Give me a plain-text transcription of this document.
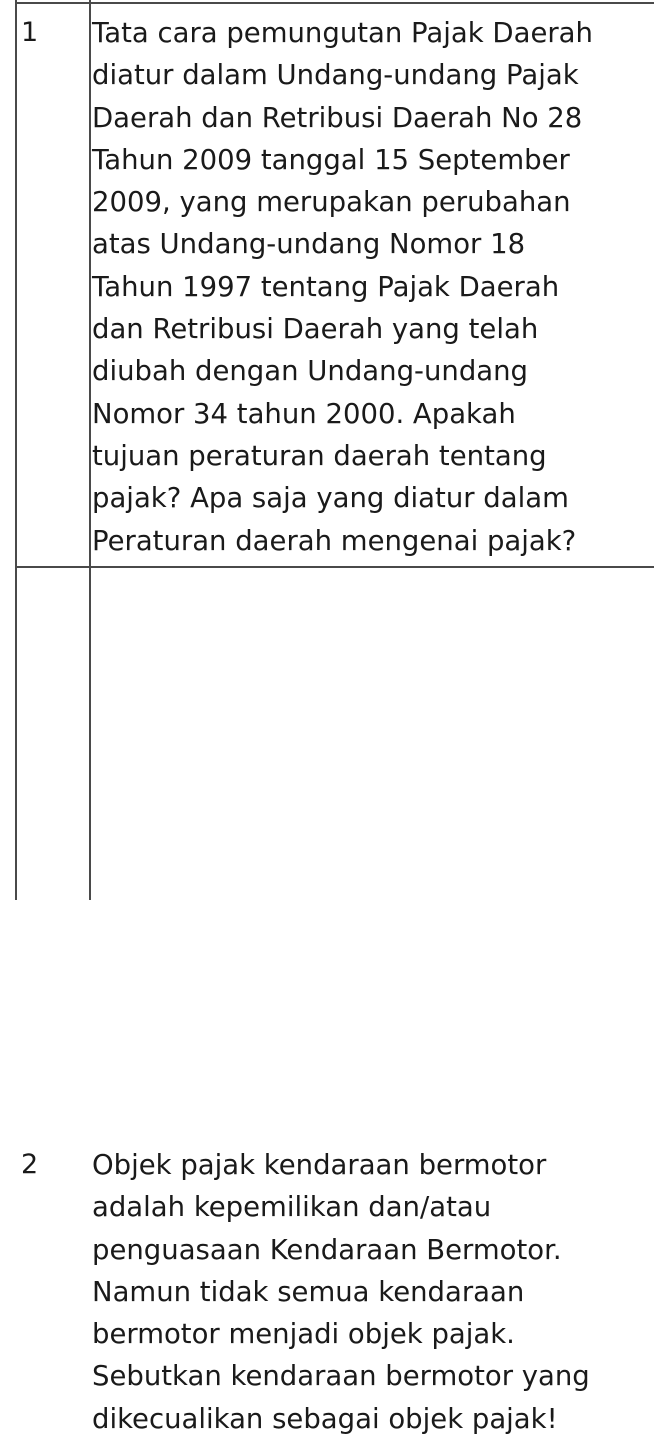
1 Tata cara pemungutan Pajak Daerah
diatur dalam Undang-undang Pajak
Daerah dan Retribusi Daerah No 28
Tahun 2009 tanggal 15 September
2009, yang merupakan perubahan
atas Undang-undang Nomor 18
Tahun 1997 tentang Pajak Daerah
dan Retribusi Daerah yang telah
diubah dengan Undang-undang
Nomor 34 tahun 2000. Apakah
tujuan peraturan daerah tentang
pajak? Apa saja yang diatur dalam
Peraturan daerah mengenai pajak?
2 Objek pajak kendaraan bermotor
adalah kepemilikan dan/atau
penguasaan Kendaraan Bermotor.
Namun tidak semua kendaraan
bermotor menjadi objek pajak.
Sebutkan kendaraan bermotor yang
dikecualikan sebagai objek pajak!
